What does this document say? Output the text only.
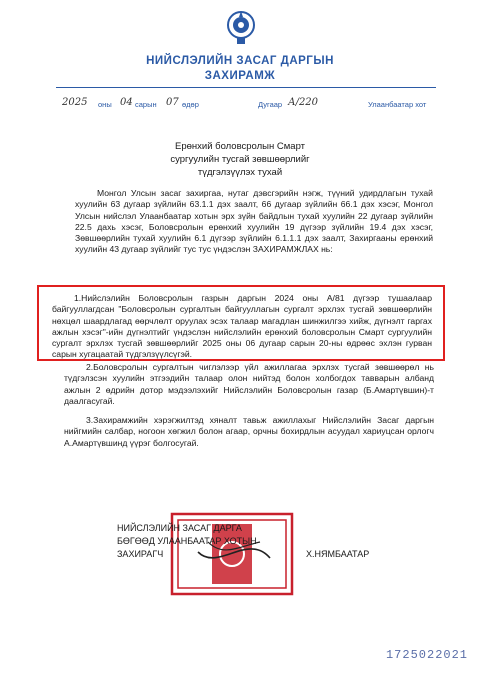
НИЙСЛЭЛИЙН ЗАСАГ ДАРГЫН
ЗАХИРАМЖ
2025 оны 04 сарын 07 өдөр	Дугаар А/220	Улаанбаатар хот
Ерөнхий боловсролын Смарт
сургуулийн тусгай зөвшөөрлийг
түдгэлзүүлэх тухай

Монгол Улсын засаг захиргаа, нутаг дэвсгэрийн нэгж, түүний удирдлагын тухай хуулийн 63 дугаар зүйлийн 63.1.1 дэх заалт, 66 дугаар зүйлийн 66.1 дэх хэсэг, Монгол Улсын нийслэл Улаанбаатар хотын эрх зүйн байдлын тухай хуулийн 22 дугаар зүйлийн 22.5 дахь хэсэг, Боловсролын ерөнхий хуулийн 19 дүгээр зүйлийн 19.4 дэх хэсэг, Зөвшөөрлийн тухай хуулийн 6.1 дүгээр зүйлийн 6.1.1.1 дэх заалт, Захиргааны ерөнхий хуулийн 43 дугаар зүйлийг тус тус үндэслэн ЗАХИРАМЖЛАХ нь:

1.Нийслэлийн Боловсролын газрын даргын 2024 оны А/81 дүгээр тушаалаар байгууллагдсан "Боловсролын сургалтын байгууллагын сургалт эрхлэх тусгай зөвшөөрлийн нөхцөл шаардлагад өөрчлөлт оруулах эсэх талаар магадлан шинжилгээ хийж, дүгнэлт гаргах ажлын хэсэг"-ийн дүгнэлтийг үндэслэн нийслэлийн ерөнхий боловсролын Смарт сургуулийн сургалт эрхлэх тусгай зөвшөөрлийг 2025 оны 06 дугаар сарын 20-ны өдрөөс эхлэн гурван сарын хугацаатай түдгэлзүүлсүгэй.

2.Боловсролын сургалтын чиглэлээр үйл ажиллагаа эрхлэх тусгай зөвшөөрөл нь түдгэлзсэн хуулийн этгээдийн талаар олон нийтэд болон холбогдох тавварын албанд ажлын 2 өдрийн дотор мэдээлэхийг Нийслэлийн Боловсролын газар (Б.Амартүвшин)-т даалгасугай.

3.Захирамжийн хэрэгжилтэд хяналт тавьж ажиллахыг Нийслэлийн Засаг даргын нийгмийн салбар, ногоон хөгжил болон агаар, орчны бохирдлын асуудал хариуцсан орлогч А.Амартүвшинд үүрэг болгосугай.

НИЙСЛЭЛИЙН ЗАСАГ ДАРГА
БӨГӨӨД УЛААНБААТАР ХОТЫН
ЗАХИРАГЧ	Х.НЯМБААТАР
1725022021
